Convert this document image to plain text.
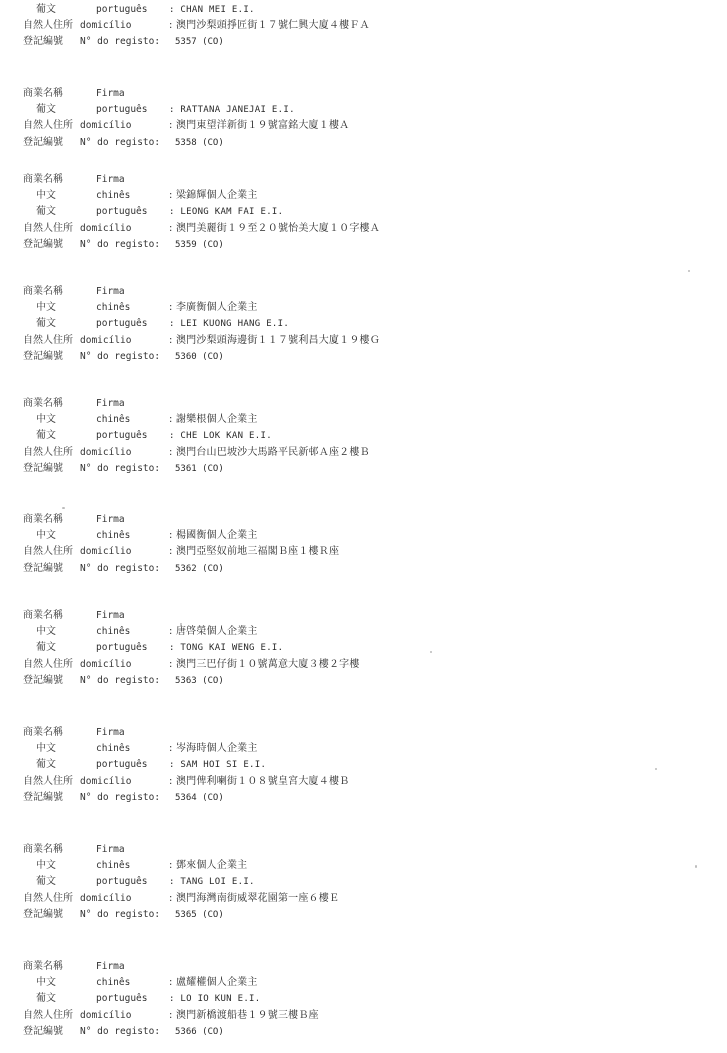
葡文	português : CHAN MEI E.I.
自然人住所 domicílio	: 澳門沙梨頭掙匠街１７號仁興大廈４樓ＦＡ
登記編號 N° do registo: 5357 (CO)
商業名稱	Firma
葡文	português : RATTANA JANEJAI E.I.
自然人住所 domicílio	: 澳門東望洋新街１９號富銘大廈１樓Ａ
登記編號 N° do registo: 5358 (CO)
商業名稱	Firma
中文	chinês	: 梁錦輝個人企業主
葡文	português : LEONG KAM FAI E.I.
自然人住所 domicílio	: 澳門美麗街１９至２０號怡美大廈１０字樓Ａ
登記編號 N° do registo: 5359 (CO)
商業名稱	Firma
中文	chinês	: 李廣衡個人企業主
葡文	português : LEI KUONG HANG E.I.
自然人住所 domicílio	: 澳門沙梨頭海邊街１１７號利昌大廈１９樓Ｇ
登記編號 N° do registo: 5360 (CO)
商業名稱	Firma
中文	chinês	: 謝樂根個人企業主
葡文	português : CHE LOK KAN E.I.
自然人住所 domicílio	: 澳門台山巴坡沙大馬路平民新邨Ａ座２樓Ｂ
登記編號 N° do registo: 5361 (CO)
商業名稱	Firma
中文	chinês	: 楊國衡個人企業主
自然人住所 domicílio	: 澳門亞堅奴前地三福閣Ｂ座１樓Ｒ座
登記編號 N° do registo: 5362 (CO)
商業名稱	Firma
中文	chinês	: 唐啓榮個人企業主
葡文	português : TONG KAI WENG E.I.
自然人住所 domicílio	: 澳門三巴仔街１０號萬意大廈３樓２字樓
登記編號 N° do registo: 5363 (CO)
商業名稱	Firma
中文	chinês	: 岑海時個人企業主
葡文	português : SAM HOI SI E.I.
自然人住所 domicílio	: 澳門俾利喇街１０８號皇宮大廈４樓Ｂ
登記編號 N° do registo: 5364 (CO)
商業名稱	Firma
中文	chinês	: 鄧來個人企業主
葡文	português : TANG LOI E.I.
自然人住所 domicílio	: 澳門海灣南街威翠花園第一座６樓Ｅ
登記編號 N° do registo: 5365 (CO)
商業名稱	Firma
中文	chinês	: 盧耀權個人企業主
葡文	português : LO IO KUN E.I.
自然人住所 domicílio	: 澳門新橋渡船巷１９號三樓Ｂ座
登記編號 N° do registo: 5366 (CO)
